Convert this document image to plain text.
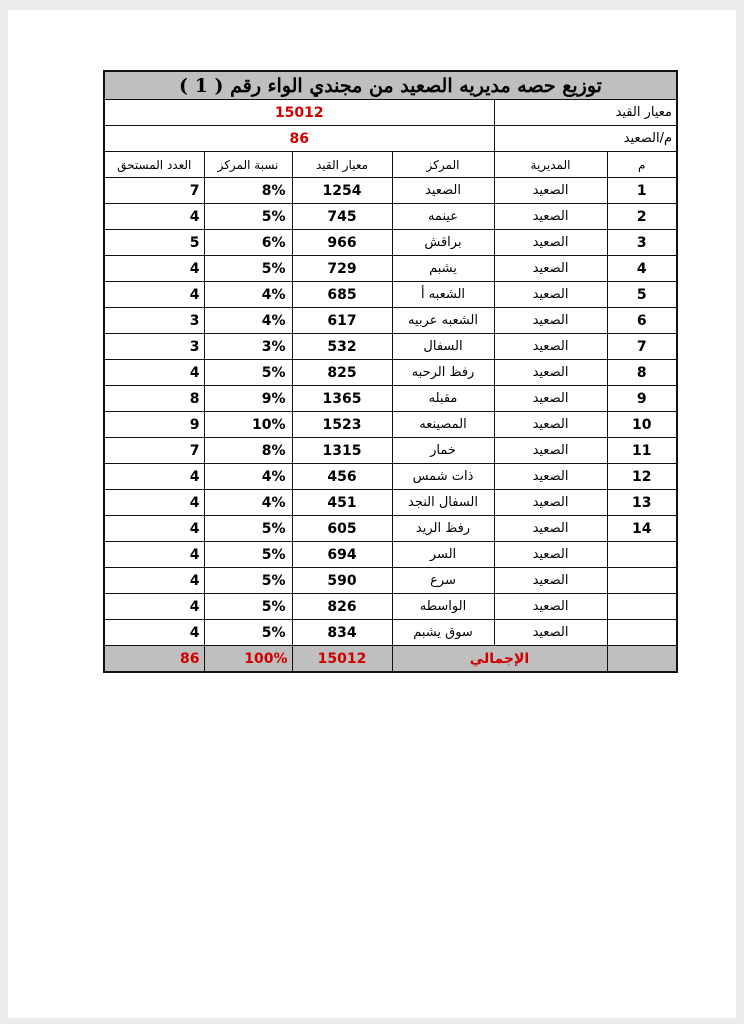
توزيع حصه مديريه الصعيد من مجندي الواء رقم ( 1 )					
15012				معيار القيد	
86				م/الصعيد	
العدد المستحق	نسبة المركز	معيار القيد	المركز	المديرية	م
7	8%	1254	الصعيد	الصعيد	1
4	5%	745	عينمه	الصعيد	2
5	6%	966	براقش	الصعيد	3
4	5%	729	يشبم	الصعيد	4
4	4%	685	الشعبه أ	الصعيد	5
3	4%	617	الشعبه عربيه	الصعيد	6
3	3%	532	السفال	الصعيد	7
4	5%	825	رفظ الرحبه	الصعيد	8
8	9%	1365	مقبله	الصعيد	9
9	10%	1523	المصينعه	الصعيد	10
7	8%	1315	خمار	الصعيد	11
4	4%	456	ذات شمس	الصعيد	12
4	4%	451	السفال النجد	الصعيد	13
4	5%	605	رفظ الريد	الصعيد	14
4	5%	694	السر	الصعيد	
4	5%	590	سرع	الصعيد	
4	5%	826	الواسطه	الصعيد	
4	5%	834	سوق يشبم	الصعيد	
86	100%	15012	الإجمالي		
